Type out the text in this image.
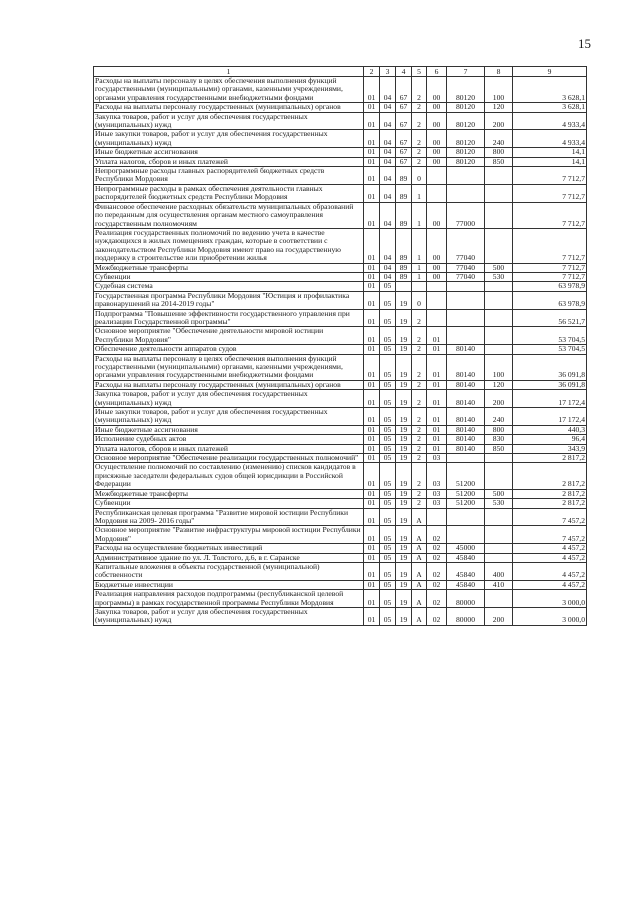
15
1	2	3	4	5	6	7	8	9
Расходы на выплаты персоналу в целях обеспечения выполнения функций государственными (муниципальными) органами, казенными учреждениями, органами управления государственными внебюджетными фондами	01	04	67	2	00	80120	100	3 628,1
Расходы на выплаты персоналу государственных (муниципальных) органов	01	04	67	2	00	80120	120	3 628,1
Закупка товаров, работ и услуг для обеспечения государственных (муниципальных) нужд	01	04	67	2	00	80120	200	4 933,4
Иные закупки товаров, работ и услуг для обеспечения государственных (муниципальных) нужд	01	04	67	2	00	80120	240	4 933,4
Иные бюджетные ассигнования	01	04	67	2	00	80120	800	14,1
Уплата налогов, сборов и иных платежей	01	04	67	2	00	80120	850	14,1
Непрограммные расходы главных распорядителей бюджетных средств Республики Мордовия	01	04	89	0				7 712,7
Непрограммные расходы в рамках обеспечения деятельности главных распорядителей бюджетных средств Республики Мордовия	01	04	89	1				7 712,7
Финансовое обеспечение расходных обязательств муниципальных образований по переданным для осуществления органам местного самоуправления государственным полномочиям	01	04	89	1	00	77000		7 712,7
Реализация государственных полномочий по ведению учета в качестве нуждающихся в жилых помещениях граждан, которые в соответствии с законодательством Республики Мордовия имеют право на государственную поддержку в строительстве или приобретении жилья	01	04	89	1	00	77040		7 712,7
Межбюджетные трансферты	01	04	89	1	00	77040	500	7 712,7
Субвенции	01	04	89	1	00	77040	530	7 712,7
Судебная система	01	05						63 978,9
Государственная программа Республики Мордовия "Юстиция и профилактика правонарушений на 2014-2019 годы"	01	05	19	0				63 978,9
Подпрограмма "Повышение эффективности государственного управления при реализации Государственной программы"	01	05	19	2				56 521,7
Основное мероприятие "Обеспечение деятельности мировой юстиции Республики Мордовия"	01	05	19	2	01			53 704,5
Обеспечение деятельности аппаратов судов	01	05	19	2	01	80140		53 704,5
Расходы на выплаты персоналу в целях обеспечения выполнения функций государственными (муниципальными) органами, казенными учреждениями, органами управления государственными внебюджетными фондами	01	05	19	2	01	80140	100	36 091,8
Расходы на выплаты персоналу государственных (муниципальных) органов	01	05	19	2	01	80140	120	36 091,8
Закупка товаров, работ и услуг для обеспечения государственных (муниципальных) нужд	01	05	19	2	01	80140	200	17 172,4
Иные закупки товаров, работ и услуг для обеспечения государственных (муниципальных) нужд	01	05	19	2	01	80140	240	17 172,4
Иные бюджетные ассигнования	01	05	19	2	01	80140	800	440,3
Исполнение судебных актов	01	05	19	2	01	80140	830	96,4
Уплата налогов, сборов и иных платежей	01	05	19	2	01	80140	850	343,9
Основное мероприятие "Обеспечение реализации государственных полномочий"	01	05	19	2	03			2 817,2
Осуществление полномочий по составлению (изменению) списков кандидатов в присяжные заседатели федеральных судов общей юрисдикции в Российской Федерации	01	05	19	2	03	51200		2 817,2
Межбюджетные трансферты	01	05	19	2	03	51200	500	2 817,2
Субвенции	01	05	19	2	03	51200	530	2 817,2
Республиканская целевая программа "Развитие мировой юстиции Республики Мордовия на 2009- 2016 годы"	01	05	19	А				7 457,2
Основное мероприятие "Развитие инфраструктуры мировой юстиции Республики Мордовия"	01	05	19	А	02			7 457,2
Расходы на осуществление бюджетных инвестиций	01	05	19	А	02	45000		4 457,2
Административное здание по ул. Л. Толстого, д.6, в г. Саранске	01	05	19	А	02	45840		4 457,2
Капитальные вложения в объекты государственной (муниципальной) собственности	01	05	19	А	02	45840	400	4 457,2
Бюджетные инвестиции	01	05	19	А	02	45840	410	4 457,2
Реализация направления расходов подпрограммы (республиканской целевой программы) в рамках государственной программы Республики Мордовия	01	05	19	А	02	80000		3 000,0
Закупка товаров, работ и услуг для обеспечения государственных (муниципальных) нужд	01	05	19	А	02	80000	200	3 000,0
